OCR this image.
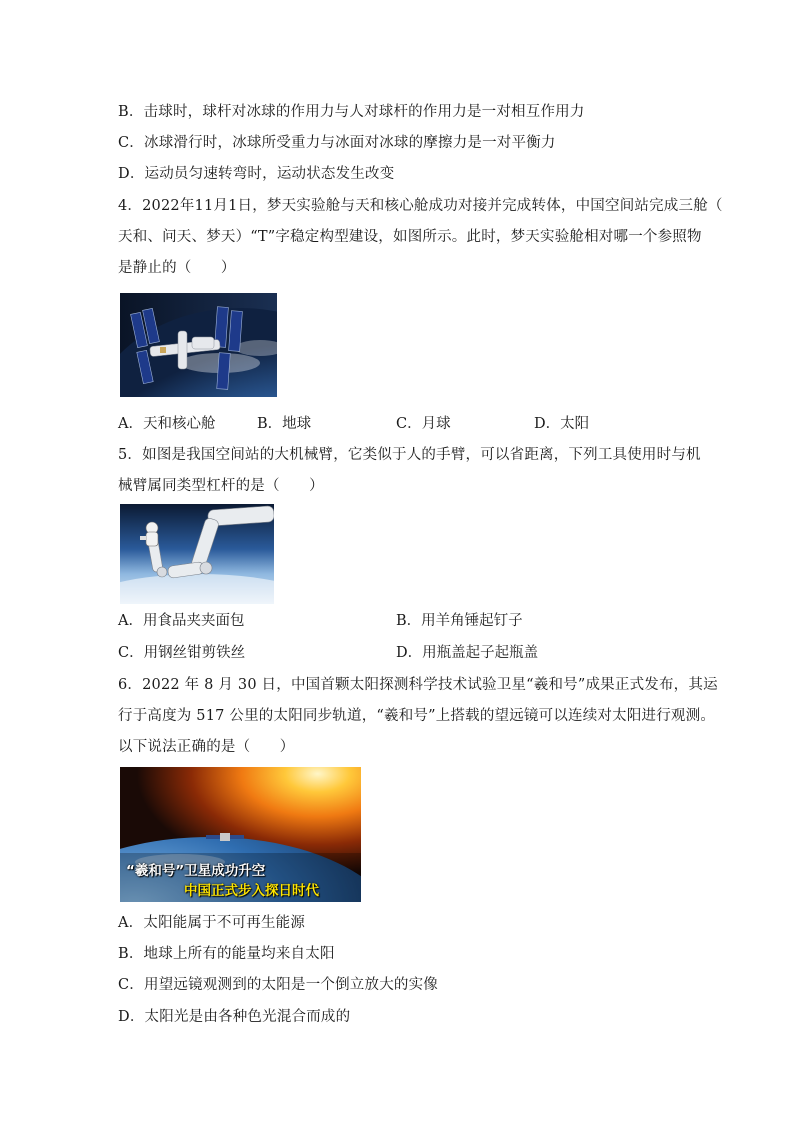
B．击球时，球杆对冰球的作用力与人对球杆的作用力是一对相互作用力
C．冰球滑行时，冰球所受重力与冰面对冰球的摩擦力是一对平衡力
D．运动员匀速转弯时，运动状态发生改变
4．2022年11月1日，梦天实验舱与天和核心舱成功对接并完成转体，中国空间站完成三舱（
天和、问天、梦天）“T”字稳定构型建设，如图所示。此时，梦天实验舱相对哪一个参照物
是静止的（　　）
A．天和核心舱	B．地球	C．月球	D．太阳
5．如图是我国空间站的大机械臂，它类似于人的手臂，可以省距离，下列工具使用时与机
械臂属同类型杠杆的是（　　）
A．用食品夹夹面包	B．用羊角锤起钉子
C．用钢丝钳剪铁丝	D．用瓶盖起子起瓶盖
6．2022 年 8 月 30 日，中国首颗太阳探测科学技术试验卫星“羲和号”成果正式发布，其运
行于高度为 517 公里的太阳同步轨道，“羲和号”上搭载的望远镜可以连续对太阳进行观测。
以下说法正确的是（　　）
“羲和号”卫星成功升空
中国正式步入探日时代
A．太阳能属于不可再生能源
B．地球上所有的能量均来自太阳
C．用望远镜观测到的太阳是一个倒立放大的实像
D．太阳光是由各种色光混合而成的
